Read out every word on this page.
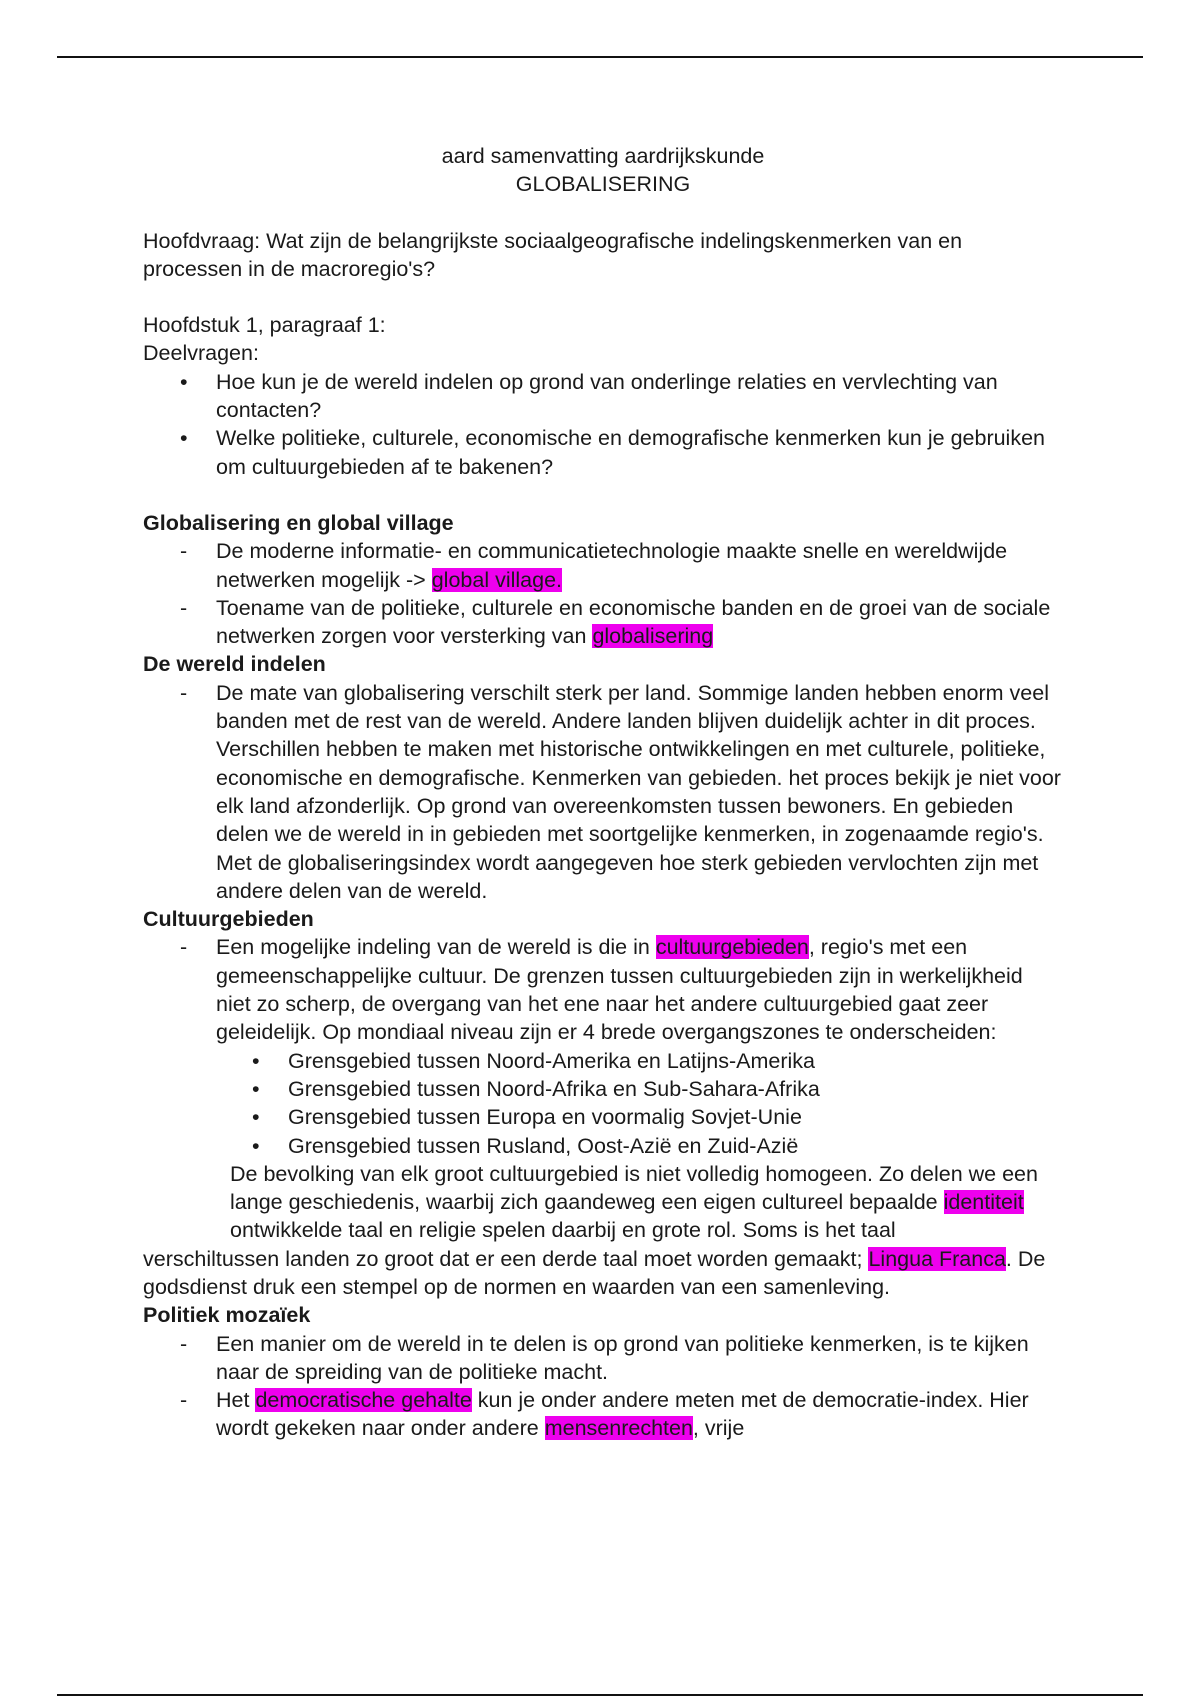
aard samenvatting aardrijkskunde
GLOBALISERING
Hoofdvraag: Wat zijn de belangrijkste sociaalgeografische indelingskenmerken van en processen in de macroregio's?
Hoofdstuk 1, paragraaf 1:
Deelvragen:
• Hoe kun je de wereld indelen op grond van onderlinge relaties en vervlechting van contacten?
• Welke politieke, culturele, economische en demografische kenmerken kun je gebruiken om cultuurgebieden af te bakenen?
Globalisering en global village
- De moderne informatie- en communicatietechnologie maakte snelle en wereldwijde netwerken mogelijk -> global village.
- Toename van de politieke, culturele en economische banden en de groei van de sociale netwerken zorgen voor versterking van globalisering
De wereld indelen
- De mate van globalisering verschilt sterk per land. Sommige landen hebben enorm veel banden met de rest van de wereld. Andere landen blijven duidelijk achter in dit proces. Verschillen hebben te maken met historische ontwikkelingen en met culturele, politieke, economische en demografische. Kenmerken van gebieden. het proces bekijk je niet voor elk land afzonderlijk. Op grond van overeenkomsten tussen bewoners. En gebieden delen we de wereld in in gebieden met soortgelijke kenmerken, in zogenaamde regio's. Met de globaliseringsindex wordt aangegeven hoe sterk gebieden vervlochten zijn met andere delen van de wereld.
Cultuurgebieden
- Een mogelijke indeling van de wereld is die in cultuurgebieden, regio's met een gemeenschappelijke cultuur. De grenzen tussen cultuurgebieden zijn in werkelijkheid niet zo scherp, de overgang van het ene naar het andere cultuurgebied gaat zeer geleidelijk. Op mondiaal niveau zijn er 4 brede overgangszones te onderscheiden:
• Grensgebied tussen Noord-Amerika en Latijns-Amerika
• Grensgebied tussen Noord-Afrika en Sub-Sahara-Afrika
• Grensgebied tussen Europa en voormalig Sovjet-Unie
• Grensgebied tussen Rusland, Oost-Azië en Zuid-Azië
De bevolking van elk groot cultuurgebied is niet volledig homogeen. Zo delen we een lange geschiedenis, waarbij zich gaandeweg een eigen cultureel bepaalde identiteit
ontwikkelde taal en religie spelen daarbij en grote rol. Soms is het taal
verschiltussen landen zo groot dat er een derde taal moet worden gemaakt; Lingua Franca. De godsdienst druk een stempel op de normen en waarden van een samenleving.
Politiek mozaïek
- Een manier om de wereld in te delen is op grond van politieke kenmerken, is te kijken naar de spreiding van de politieke macht.
- Het democratische gehalte kun je onder andere meten met de democratie-index. Hier wordt gekeken naar onder andere mensenrechten, vrije
